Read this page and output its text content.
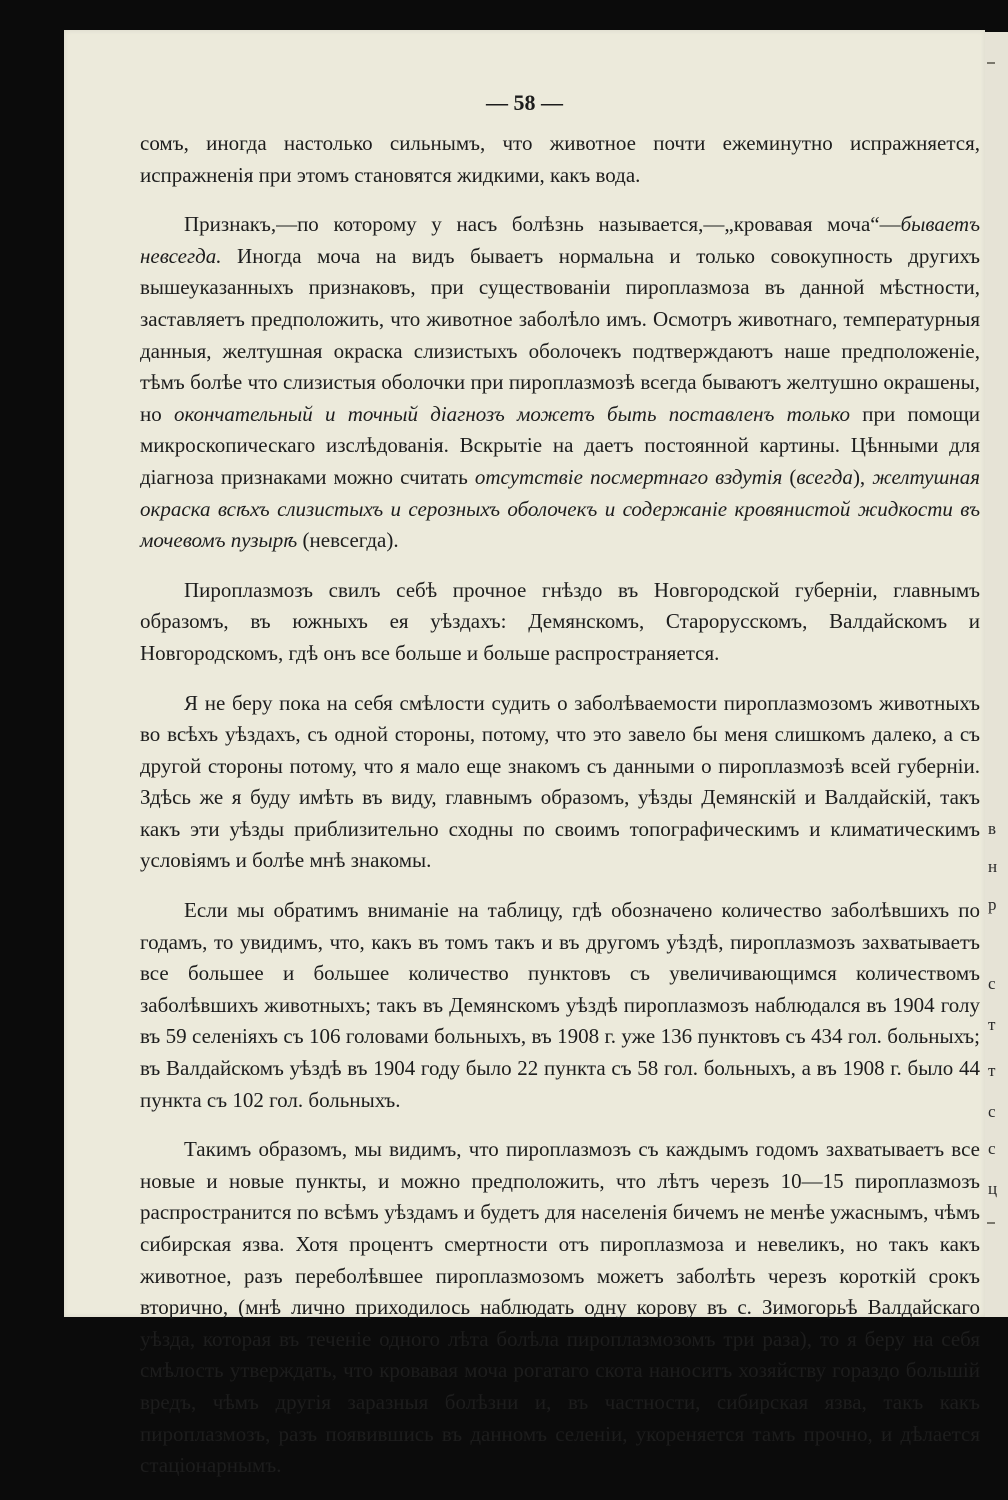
в
н
р
с
т
т
с
с
ц
— 58 —

сомъ, иногда настолько сильнымъ, что животное почти ежеминутно испражняется, испражненія при этомъ становятся жидкими, какъ вода.

Признакъ,—по которому у насъ болѣзнь называется,—„кровавая моча“—бываетъ невсегда. Иногда моча на видъ бываетъ нормальна и только совокупность другихъ вышеуказанныхъ признаковъ, при существованіи пироплазмоза въ данной мѣстности, заставляетъ предположить, что животное заболѣло имъ. Осмотръ животнаго, температурныя данныя, желтушная окраска слизистыхъ оболочекъ подтверждаютъ наше предположеніе, тѣмъ болѣе что слизистыя оболочки при пироплазмозѣ всегда бываютъ желтушно окрашены, но окончательный и точный діагнозъ можетъ быть поставленъ только при помощи микроскопическаго изслѣдованія. Вскрытіе на даетъ постоянной картины. Цѣнными для діагноза признаками можно считать отсутствіе посмертнаго вздутія (всегда), желтушная окраска всѣхъ слизистыхъ и серозныхъ оболочекъ и содержаніе кровянистой жидкости въ мочевомъ пузырѣ (невсегда).

Пироплазмозъ свилъ себѣ прочное гнѣздо въ Новгородской губерніи, главнымъ образомъ, въ южныхъ ея уѣздахъ: Демянскомъ, Старорусскомъ, Валдайскомъ и Новгородскомъ, гдѣ онъ все больше и больше распространяется.

Я не беру пока на себя смѣлости судить о заболѣваемости пироплазмозомъ животныхъ во всѣхъ уѣздахъ, съ одной стороны, потому, что это завело бы меня слишкомъ далеко, а съ другой стороны потому, что я мало еще знакомъ съ данными о пироплазмозѣ всей губерніи. Здѣсь же я буду имѣть въ виду, главнымъ образомъ, уѣзды Демянскій и Валдайскій, такъ какъ эти уѣзды приблизительно сходны по своимъ топографическимъ и климатическимъ условіямъ и болѣе мнѣ знакомы.

Если мы обратимъ вниманіе на таблицу, гдѣ обозначено количество заболѣвшихъ по годамъ, то увидимъ, что, какъ въ томъ такъ и въ другомъ уѣздѣ, пироплазмозъ захватываетъ все большее и большее количество пунктовъ съ увеличивающимся количествомъ заболѣвшихъ животныхъ; такъ въ Демянскомъ уѣздѣ пироплазмозъ наблюдался въ 1904 голу въ 59 селеніяхъ съ 106 головами больныхъ, въ 1908 г. уже 136 пунктовъ съ 434 гол. больныхъ; въ Валдайскомъ уѣздѣ въ 1904 году было 22 пункта съ 58 гол. больныхъ, а въ 1908 г. было 44 пункта съ 102 гол. больныхъ.

Такимъ образомъ, мы видимъ, что пироплазмозъ съ каждымъ годомъ захватываетъ все новые и новые пункты, и можно предположить, что лѣтъ черезъ 10—15 пироплазмозъ распространится по всѣмъ уѣздамъ и будетъ для населенія бичемъ не менѣе ужаснымъ, чѣмъ сибирская язва. Хотя процентъ смертности отъ пироплазмоза и невеликъ, но такъ какъ животное, разъ переболѣвшее пироплазмозомъ можетъ заболѣть черезъ короткій срокъ вторично, (мнѣ лично приходилось наблюдать одну корову въ с. Зимогорьѣ Валдайскаго уѣзда, которая въ теченіе одного лѣта болѣла пироплазмозомъ три раза), то я беру на себя смѣлость утверждать, что кровавая моча рогатаго скота наноситъ хозяйству гораздо большій вредъ, чѣмъ другія заразныя болѣзни и, въ частности, сибирская язва, такъ какъ пироплазмозъ, разъ появившись въ данномъ селеніи, укореняется тамъ прочно, и дѣлается стаціонарнымъ.
